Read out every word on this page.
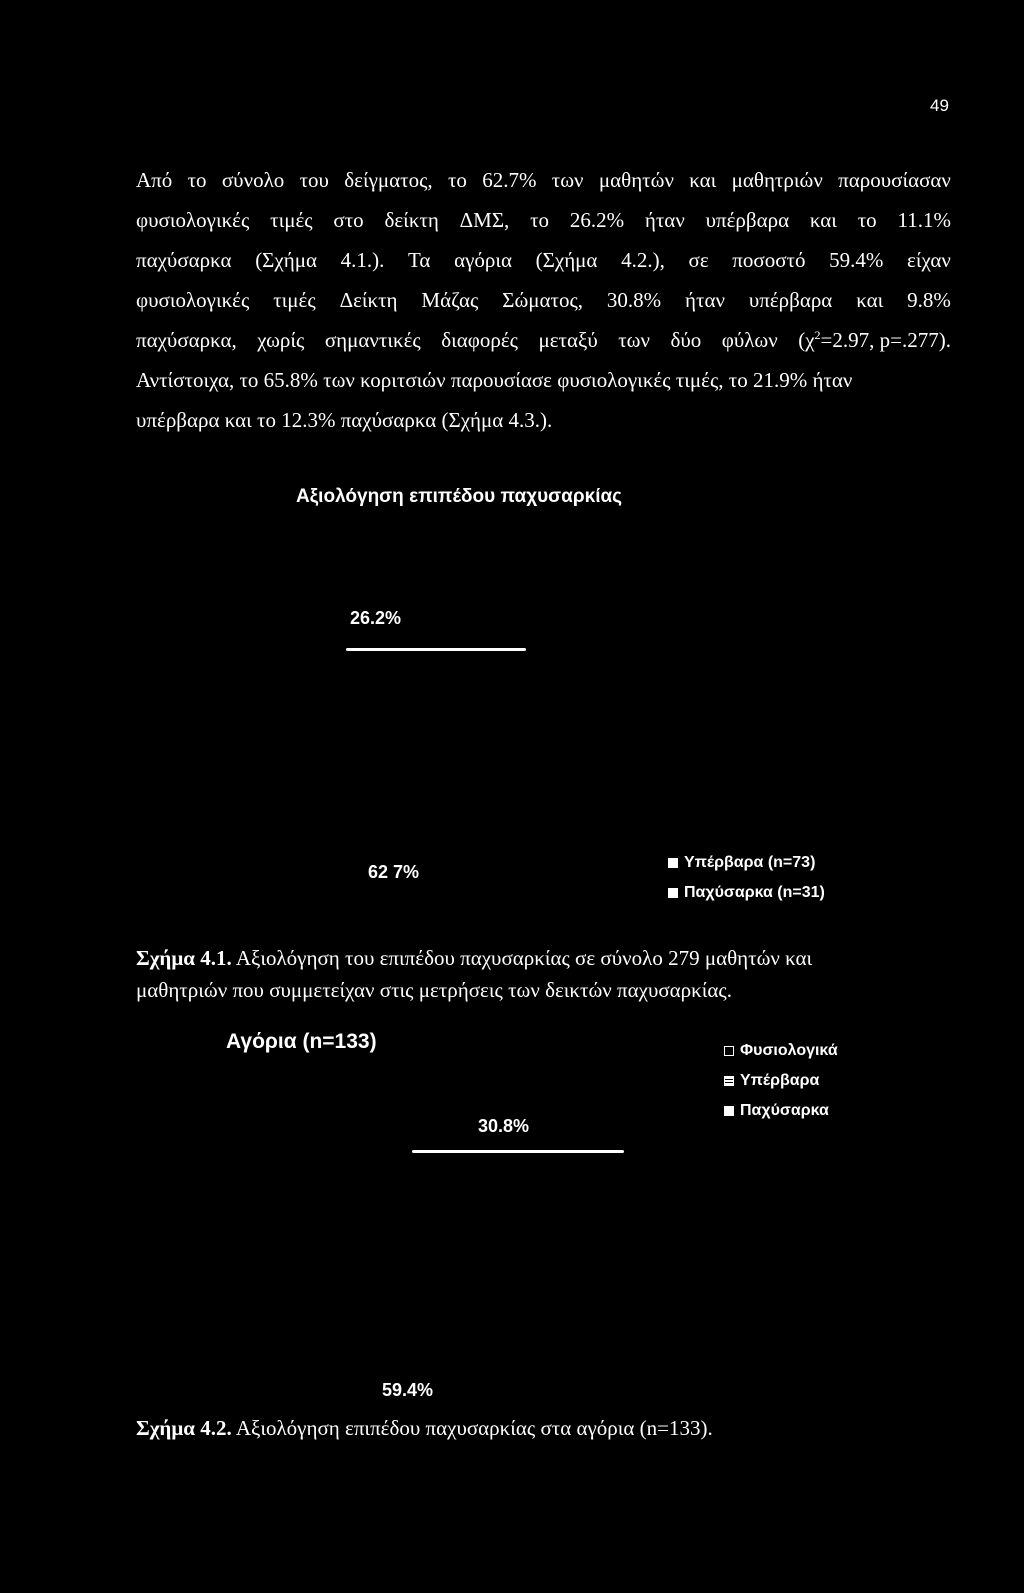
49
Από το σύνολο του δείγματος, το 62.7% των μαθητών και μαθητριών παρουσίασαν
φυσιολογικές τιμές στο δείκτη ΔΜΣ, το 26.2% ήταν υπέρβαρα και το 11.1%
παχύσαρκα (Σχήμα 4.1.). Τα αγόρια (Σχήμα 4.2.), σε ποσοστό 59.4% είχαν
φυσιολογικές τιμές Δείκτη Μάζας Σώματος, 30.8% ήταν υπέρβαρα και 9.8%
παχύσαρκα, χωρίς σημαντικές διαφορές μεταξύ των δύο φύλων ($\chi^2=2.97$, p=.277).
Αντίστοιχα, το 65.8% των κοριτσιών παρουσίασε φυσιολογικές τιμές, το 21.9% ήταν
υπέρβαρα και το 12.3% παχύσαρκα (Σχήμα 4.3.).
Αξιολόγηση επιπέδου παχυσαρκίας
26.2%
62 7%	Υπέρβαρα (n=73)
Παχύσαρκα (n=31)
Σχήμα 4.1. Αξιολόγηση του επιπέδου παχυσαρκίας σε σύνολο 279 μαθητών και
μαθητριών που συμμετείχαν στις μετρήσεις των δεικτών παχυσαρκίας.
Αγόρια (n=133)
30.8%
59.4%
Φυσιολογικά
Υπέρβαρα
Παχύσαρκα
Σχήμα 4.2. Αξιολόγηση επιπέδου παχυσαρκίας στα αγόρια (n=133).
